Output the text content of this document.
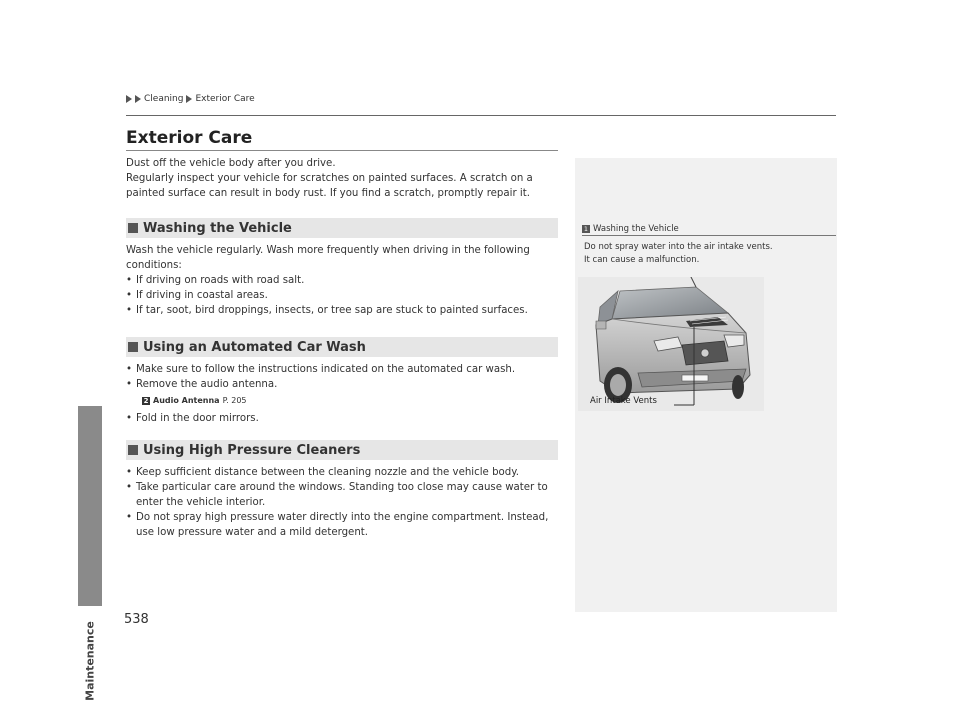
Maintenance
Cleaning Exterior Care
Exterior Care
Dust off the vehicle body after you drive.
Regularly inspect your vehicle for scratches on painted surfaces. A scratch on a
painted surface can result in body rust. If you find a scratch, promptly repair it.
Washing the Vehicle
Wash the vehicle regularly. Wash more frequently when driving in the following conditions:
• If driving on roads with road salt.
• If driving in coastal areas.
• If tar, soot, bird droppings, insects, or tree sap are stuck to painted surfaces.
Using an Automated Car Wash
• Make sure to follow the instructions indicated on the automated car wash.
• Remove the audio antenna.
2 Audio Antenna P. 205
• Fold in the door mirrors.
Using High Pressure Cleaners
• Keep sufficient distance between the cleaning nozzle and the vehicle body.
• Take particular care around the windows. Standing too close may cause water to enter the vehicle interior.
• Do not spray high pressure water directly into the engine compartment. Instead, use low pressure water and a mild detergent.
1 Washing the Vehicle
Do not spray water into the air intake vents.
It can cause a malfunction.
Air Intake Vents
538
